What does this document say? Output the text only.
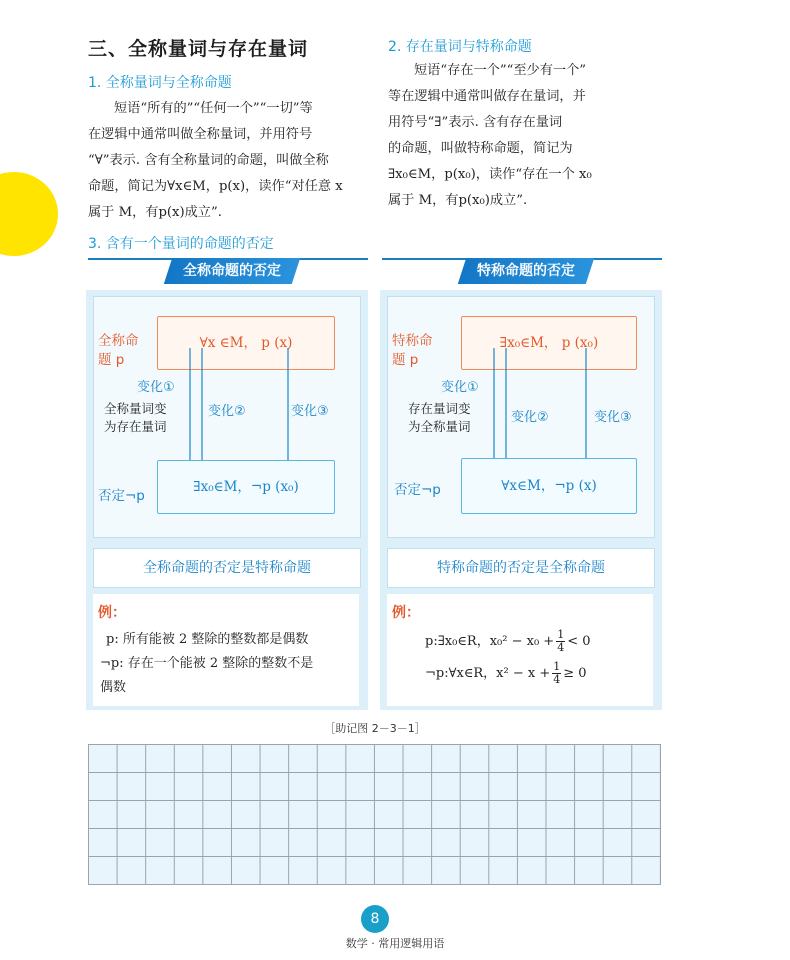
三、全称量词与存在量词
1. 全称量词与全称命题
短语“所有的”“任何一个”“一切”等
在逻辑中通常叫做全称量词，并用符号
“∀”表示. 含有全称量词的命题，叫做全称
命题，简记为∀x∈M，p(x)，读作“对任意 x
属于 M，有p(x)成立”.
2. 存在量词与特称命题
短语“存在一个”“至少有一个”
等在逻辑中通常叫做存在量词，并
用符号“∃”表示. 含有存在量词
的命题，叫做特称命题，简记为
∃x₀∈M，p(x₀)，读作“存在一个 x₀
属于 M，有p(x₀)成立”.
3. 含有一个量词的命题的否定
全称命题的否定	特称命题的否定
全称命
题 p
∀x ∈M， p (x)
变化①
变化②	变化③
全称量词变
为存在量词
否定¬p
∃x₀∈M，¬p (x₀)
全称命题的否定是特称命题
例：
p: 所有能被 2 整除的整数都是偶数
¬p: 存在一个能被 2 整除的整数不是
偶数
特称命
题 p
∃x₀∈M， p (x₀)
变化①
变化②	变化③
存在量词变
为全称量词
否定¬p	∀x∈M，¬p (x)
特称命题的否定是全称命题
例：
p:∃x₀∈R，$x_0^2 - x_0 + \frac{1}{4} < 0$
¬p:∀x∈R，$x^2 - x + \frac{1}{4} \ge 0$
［助记图 2－3－1］
8
数学 · 常用逻辑用语
